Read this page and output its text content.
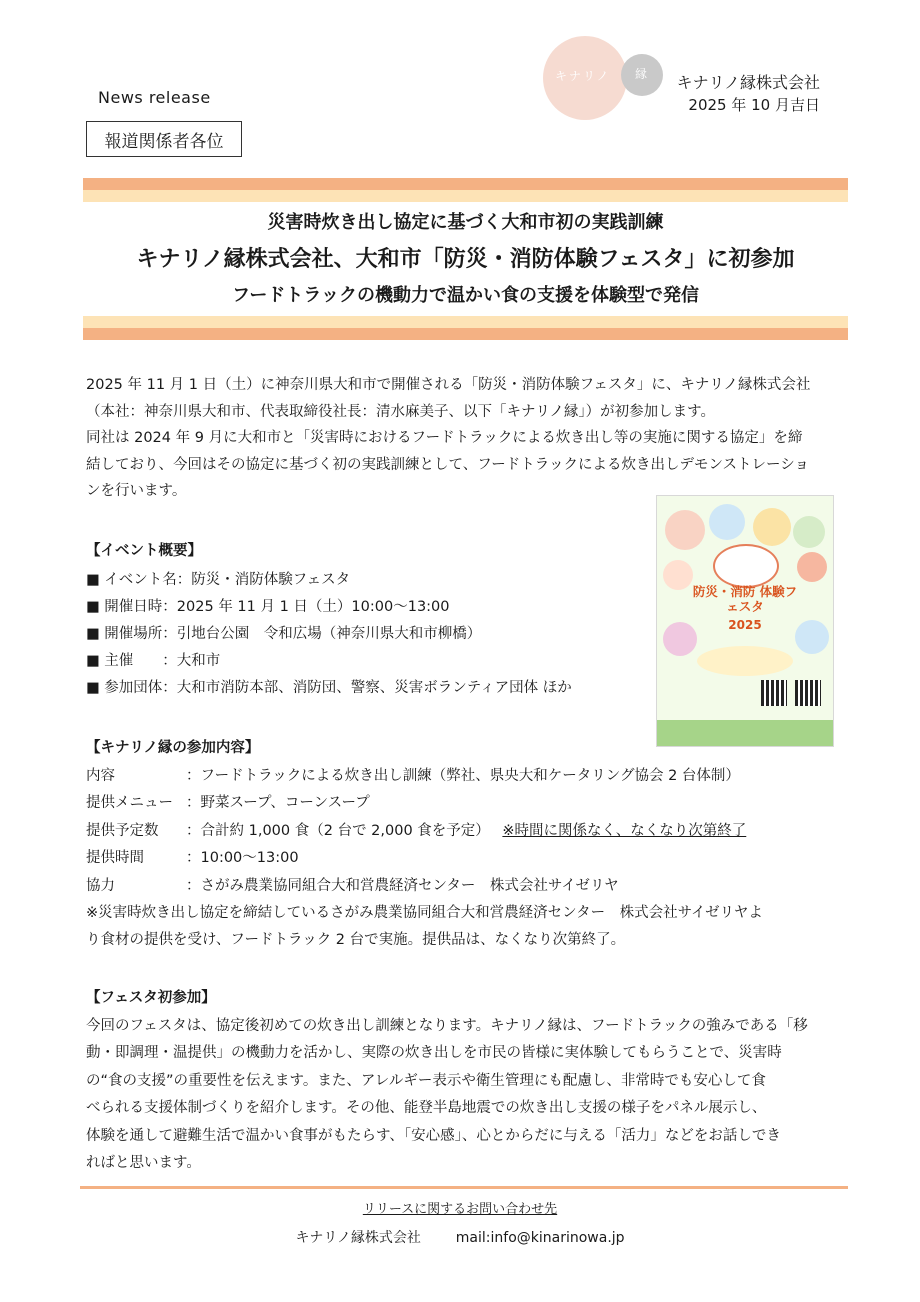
News release
報道関係者各位
キナリノ 縁 キナリノ縁株式会社
2025 年 10 月吉日
災害時炊き出し協定に基づく大和市初の実践訓練
キナリノ縁株式会社、大和市「防災・消防体験フェスタ」に初参加
フードトラックの機動力で温かい食の支援を体験型で発信
2025 年 11 月 1 日（土）に神奈川県大和市で開催される「防災・消防体験フェスタ」に、キナリノ縁株式会社
（本社：神奈川県大和市、代表取締役社長：清水麻美子、以下「キナリノ縁」）が初参加します。
同社は 2024 年 9 月に大和市と「災害時におけるフードトラックによる炊き出し等の実施に関する協定」を締
結しており、今回はその協定に基づく初の実践訓練として、フードトラックによる炊き出しデモンストレーショ
ンを行います。
【イベント概要】
■ イベント名：防災・消防体験フェスタ
■ 開催日時：2025 年 11 月 1 日（土）10:00～13:00
■ 開催場所：引地台公園　令和広場（神奈川県大和市柳橋）
■ 主催　　：大和市
■ 参加団体：大和市消防本部、消防団、警察、災害ボランティア団体 ほか
防災・消防 体験フェスタ
2025
【キナリノ縁の参加内容】
内容	：フードトラックによる炊き出し訓練（弊社、県央大和ケータリング協会 2 台体制）
提供メニュー ：野菜スープ、コーンスープ
提供予定数	：合計約 1,000 食（2 台で 2,000 食を予定） ※時間に関係なく、なくなり次第終了
提供時間	：10:00～13:00
協力	：さがみ農業協同組合大和営農経済センター　株式会社サイゼリヤ
※災害時炊き出し協定を締結しているさがみ農業協同組合大和営農経済センター　株式会社サイゼリヤよ
り食材の提供を受け、フードトラック 2 台で実施。提供品は、なくなり次第終了。
【フェスタ初参加】
今回のフェスタは、協定後初めての炊き出し訓練となります。キナリノ縁は、フードトラックの強みである「移
動・即調理・温提供」の機動力を活かし、実際の炊き出しを市民の皆様に実体験してもらうことで、災害時
の“食の支援”の重要性を伝えます。また、アレルギー表示や衛生管理にも配慮し、非常時でも安心して食
べられる支援体制づくりを紹介します。その他、能登半島地震での炊き出し支援の様子をパネル展示し、
体験を通して避難生活で温かい食事がもたらす、「安心感」、心とからだに与える「活力」などをお話しでき
ればと思います。
リリースに関するお問い合わせ先
キナリノ縁株式会社 mail:info@kinarinowa.jp
